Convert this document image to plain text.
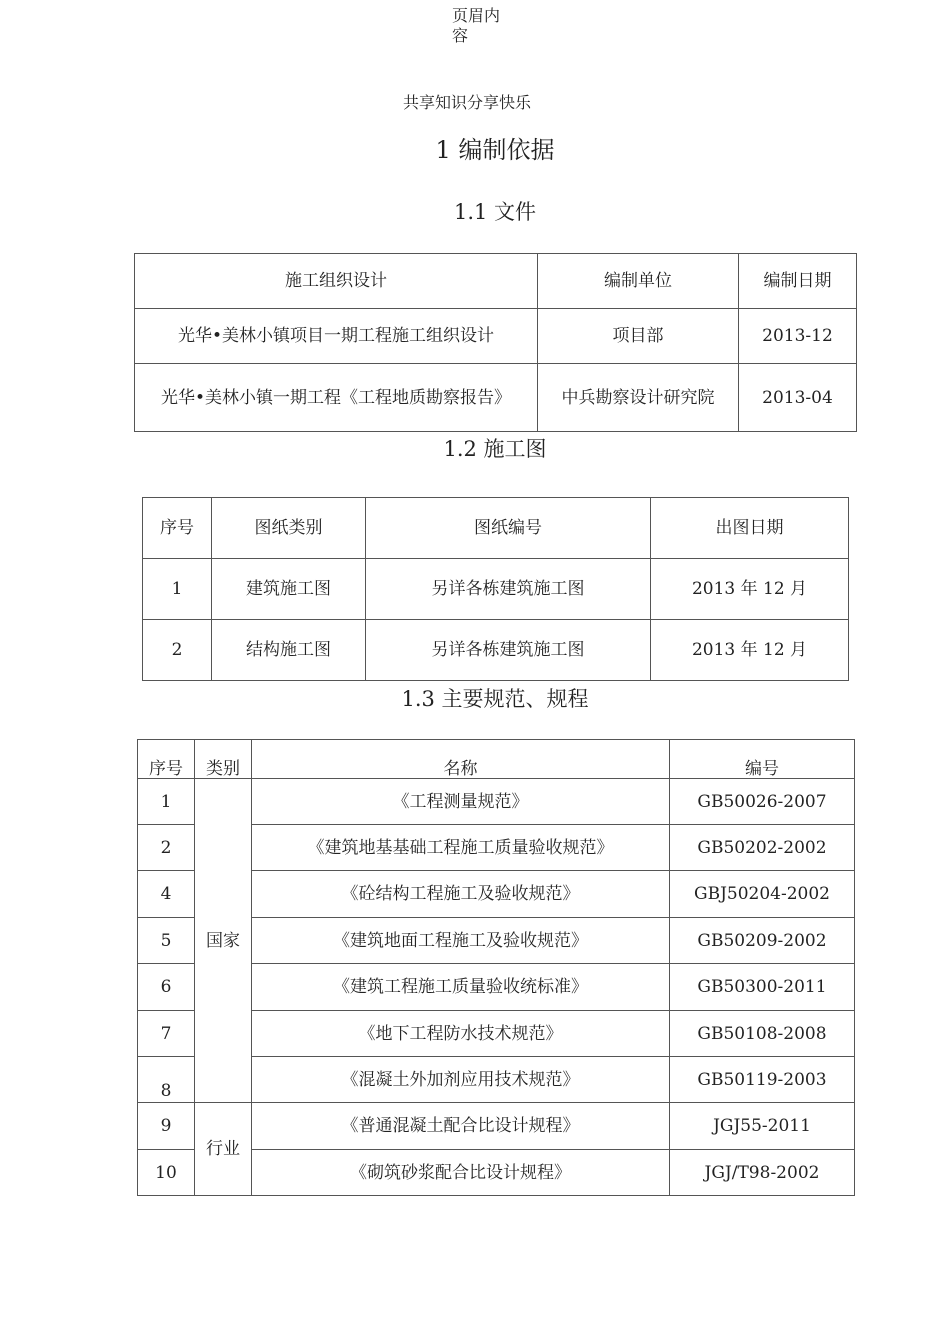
页眉内
容
共享知识分享快乐
1 编制依据
1.1 文件
施工组织设计	编制单位	编制日期
光华•美林小镇项目一期工程施工组织设计	项目部	2013-12
光华•美林小镇一期工程《工程地质勘察报告》	中兵勘察设计研究院	2013-04
1.2 施工图
序号	图纸类别	图纸编号	出图日期
1	建筑施工图	另详各栋建筑施工图	2013 年 12 月
2	结构施工图	另详各栋建筑施工图	2013 年 12 月
1.3 主要规范、规程
序号	类别	名称	编号
1	国家	《工程测量规范》	GB50026-2007
2		《建筑地基基础工程施工质量验收规范》	GB50202-2002
4		《砼结构工程施工及验收规范》	GBJ50204-2002
5		《建筑地面工程施工及验收规范》	GB50209-2002
6		《建筑工程施工质量验收统标准》	GB50300-2011
7		《地下工程防水技术规范》	GB50108-2008
8		《混凝土外加剂应用技术规范》	GB50119-2003
9	行业	《普通混凝土配合比设计规程》	JGJ55-2011
10		《砌筑砂浆配合比设计规程》	JGJ/T98-2002
